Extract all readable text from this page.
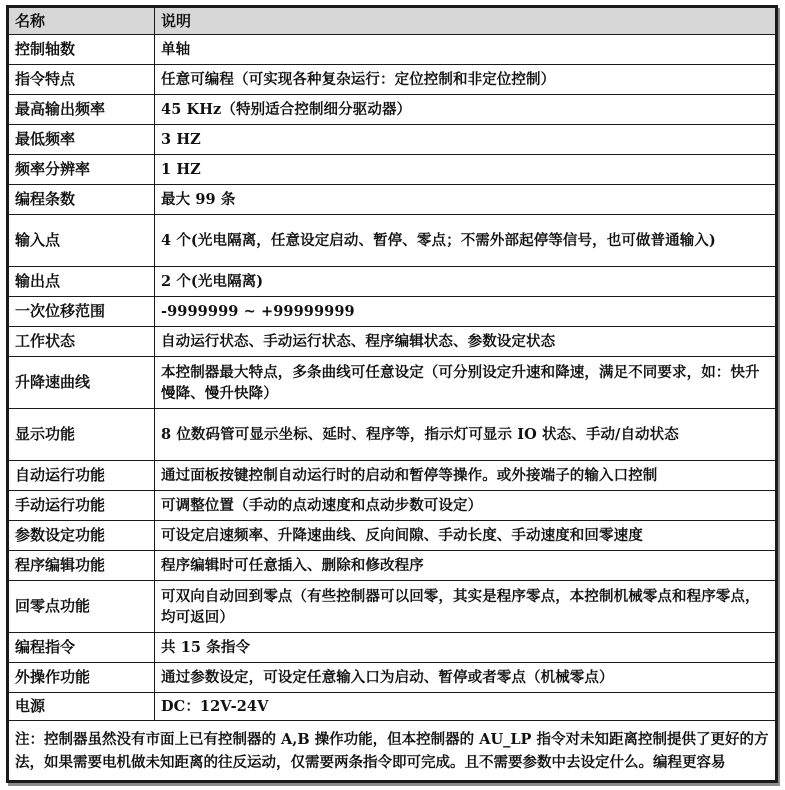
名称	说明
控制轴数	单轴
指令特点	任意可编程（可实现各种复杂运行：定位控制和非定位控制）
最高输出频率	45 KHz（特别适合控制细分驱动器）
最低频率	3 HZ
频率分辨率	1 HZ
编程条数	最大 99 条
输入点	4 个(光电隔离，任意设定启动、暂停、零点；不需外部起停等信号，也可做普通输入)
输出点	2 个(光电隔离)
一次位移范围	-9999999 ~ +99999999
工作状态	自动运行状态、手动运行状态、程序编辑状态、参数设定状态
升降速曲线	本控制器最大特点，多条曲线可任意设定（可分别设定升速和降速，满足不同要求，如：快升慢降、慢升快降）
显示功能	8 位数码管可显示坐标、延时、程序等，指示灯可显示 IO 状态、手动/自动状态
自动运行功能	通过面板按键控制自动运行时的启动和暂停等操作。或外接端子的输入口控制
手动运行功能	可调整位置（手动的点动速度和点动步数可设定）
参数设定功能	可设定启速频率、升降速曲线、反向间隙、手动长度、手动速度和回零速度
程序编辑功能	程序编辑时可任意插入、删除和修改程序
回零点功能	可双向自动回到零点（有些控制器可以回零，其实是程序零点，本控制机械零点和程序零点，均可返回）
编程指令	共 15 条指令
外操作功能	通过参数设定，可设定任意输入口为启动、暂停或者零点（机械零点）
电源	DC：12V-24V
注：控制器虽然没有市面上已有控制器的 A,B 操作功能，但本控制器的 AU_LP 指令对未知距离控制提供了更好的方法，如果需要电机做未知距离的往反运动，仅需要两条指令即可完成。且不需要参数中去设定什么。编程更容易	
